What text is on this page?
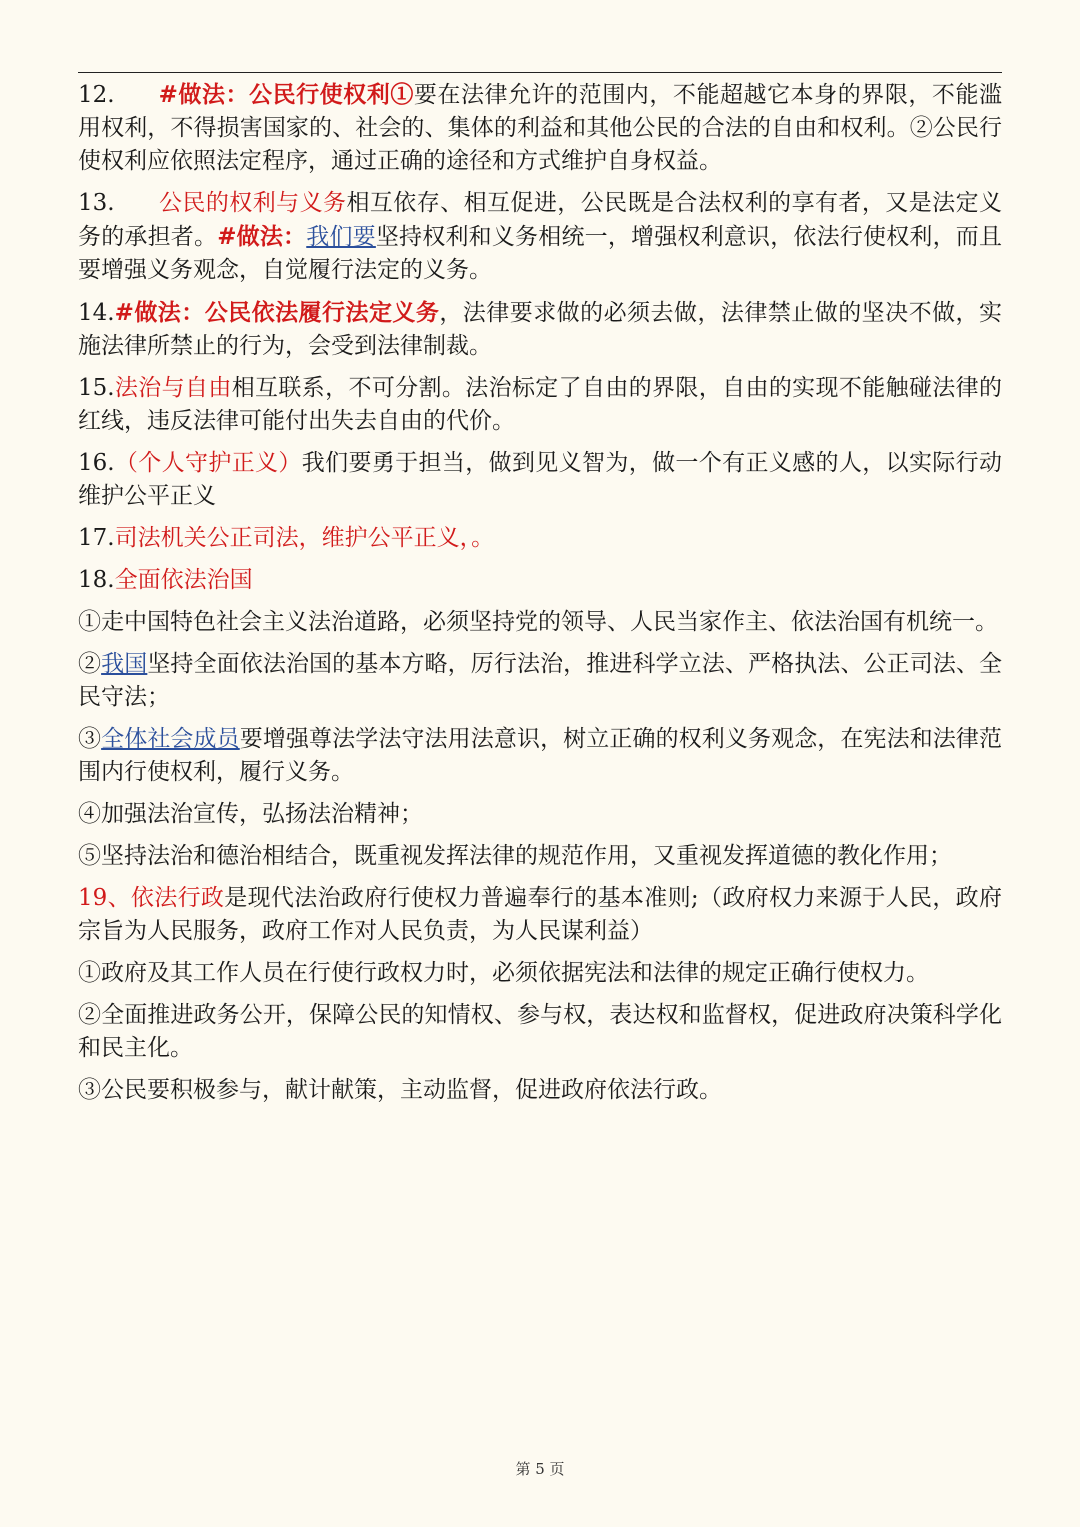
12. #做法：公民行使权利①要在法律允许的范围内，不能超越它本身的界限，不能滥用权利，不得损害国家的、社会的、集体的利益和其他公民的合法的自由和权利。②公民行使权利应依照法定程序，通过正确的途径和方式维护自身权益。

13. 公民的权利与义务相互依存、相互促进，公民既是合法权利的享有者，又是法定义务的承担者。#做法：我们要坚持权利和义务相统一，增强权利意识，依法行使权利，而且要增强义务观念，自觉履行法定的义务。

14.#做法：公民依法履行法定义务，法律要求做的必须去做，法律禁止做的坚决不做，实施法律所禁止的行为，会受到法律制裁。

15.法治与自由相互联系，不可分割。法治标定了自由的界限，自由的实现不能触碰法律的红线，违反法律可能付出失去自由的代价。

16.（个人守护正义）我们要勇于担当，做到见义智为，做一个有正义感的人，以实际行动维护公平正义

17.司法机关公正司法，维护公平正义，。

18.全面依法治国

①走中国特色社会主义法治道路，必须坚持党的领导、人民当家作主、依法治国有机统一。

②我国坚持全面依法治国的基本方略，厉行法治，推进科学立法、严格执法、公正司法、全民守法；

③全体社会成员要增强尊法学法守法用法意识，树立正确的权利义务观念，在宪法和法律范围内行使权利，履行义务。

④加强法治宣传，弘扬法治精神；

⑤坚持法治和德治相结合，既重视发挥法律的规范作用，又重视发挥道德的教化作用；

19、依法行政是现代法治政府行使权力普遍奉行的基本准则;（政府权力来源于人民，政府宗旨为人民服务，政府工作对人民负责，为人民谋利益）

①政府及其工作人员在行使行政权力时，必须依据宪法和法律的规定正确行使权力。

②全面推进政务公开，保障公民的知情权、参与权，表达权和监督权，促进政府决策科学化和民主化。

③公民要积极参与，献计献策，主动监督，促进政府依法行政。

第 5 页
